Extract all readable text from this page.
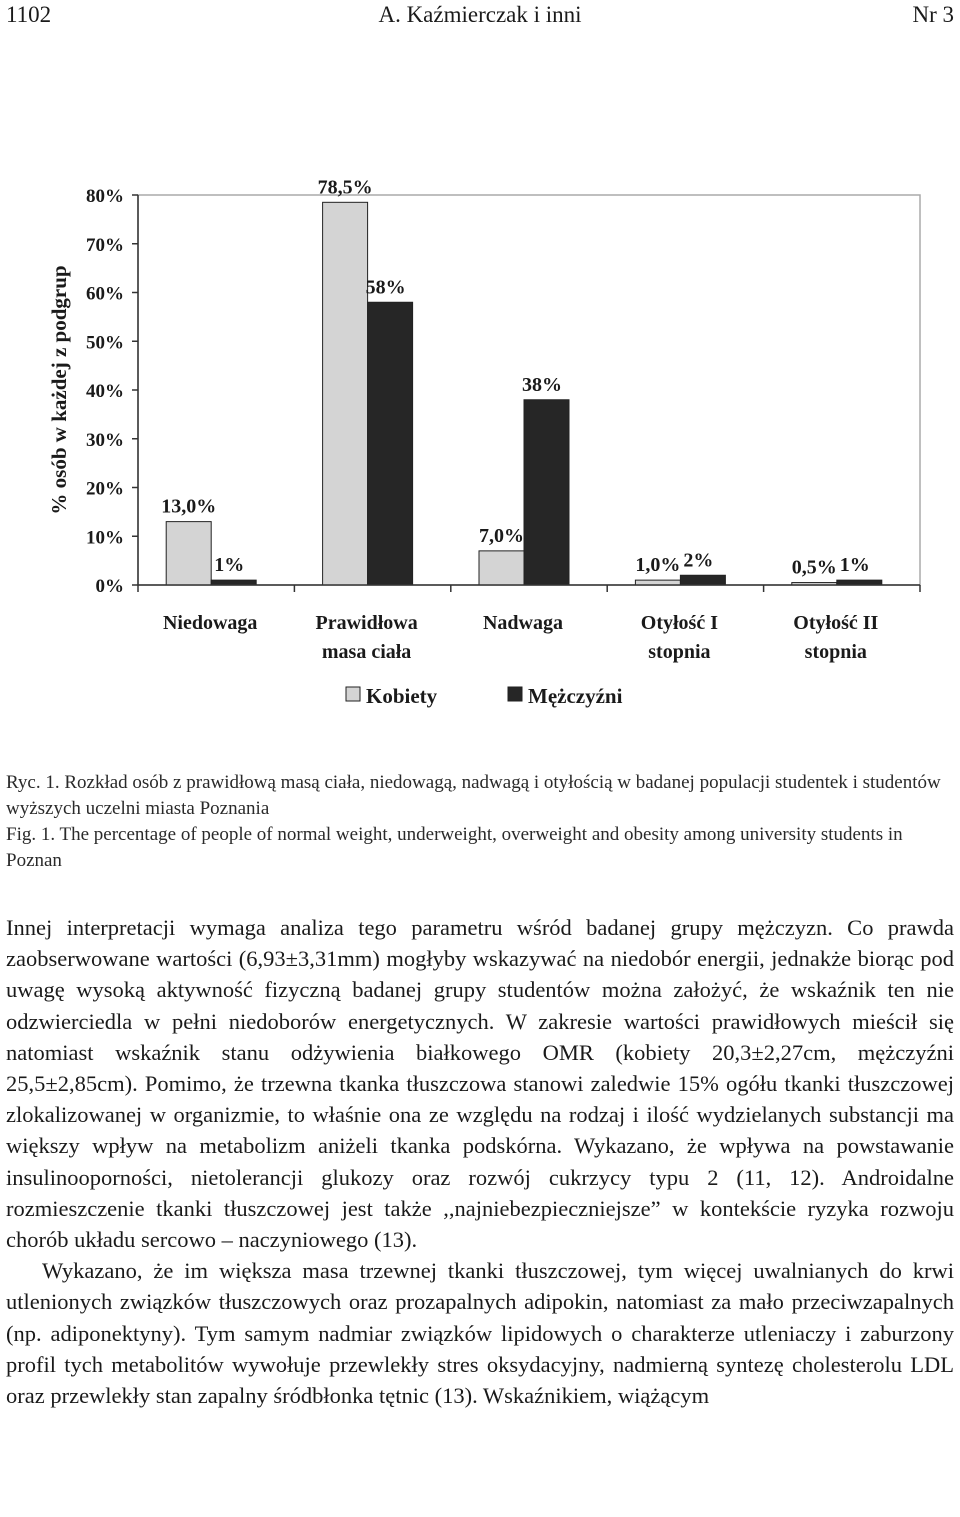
1102	A. Kaźmierczak i inni	Nr 3
0%
10%
20%
30%
40%
50%
60%
70%
80%
13,0%
1%
78,5%
58%
7,0%
38%
1,0% 2%	0,5% 1%
Niedowaga	Prawidłowa
masa ciała
Nadwaga	Otyłość I
stopnia
Otyłość II
stopnia
% osób w każdej z podgrup
Kobiety	Mężczyźni

Ryc. 1. Rozkład osób z prawidłową masą ciała, niedowagą, nadwagą i otyłością w badanej populacji studentek i studentów wyższych uczelni miasta Poznania

Fig. 1. The percentage of people of normal weight, underweight, overweight and obesity among university students in Poznan

Innej interpretacji wymaga analiza tego parametru wśród badanej grupy mężczyzn. Co prawda zaobserwowane wartości (6,93±3,31mm) mogłyby wskazywać na niedobór energii, jednakże biorąc pod uwagę wysoką aktywność fizyczną badanej grupy studentów można założyć, że wskaźnik ten nie odzwierciedla w pełni niedoborów energetycznych. W zakresie wartości prawidłowych mieścił się natomiast wskaźnik stanu odżywienia białkowego OMR (kobiety 20,3±2,27cm, mężczyźni 25,5±2,85cm). Pomimo, że trzewna tkanka tłuszczowa stanowi zaledwie 15% ogółu tkanki tłuszczowej zlokalizowanej w organizmie, to właśnie ona ze względu na rodzaj i ilość wydzielanych substancji ma większy wpływ na metabolizm aniżeli tkanka podskórna. Wykazano, że wpływa na powstawanie insulinooporności, nietolerancji glukozy oraz rozwój cukrzycy typu 2 (11, 12). Androidalne rozmieszczenie tkanki tłuszczowej jest także ,,najniebezpieczniejsze” w kontekście ryzyka rozwoju chorób układu sercowo – naczyniowego (13).

Wykazano, że im większa masa trzewnej tkanki tłuszczowej, tym więcej uwalnianych do krwi utlenionych związków tłuszczowych oraz prozapalnych adipokin, natomiast za mało przeciwzapalnych (np. adiponektyny). Tym samym nadmiar związków lipidowych o charakterze utleniaczy i zaburzony profil tych metabolitów wywołuje przewlekły stres oksydacyjny, nadmierną syntezę cholesterolu LDL oraz przewlekły stan zapalny śródbłonka tętnic (13). Wskaźnikiem, wiążącym
